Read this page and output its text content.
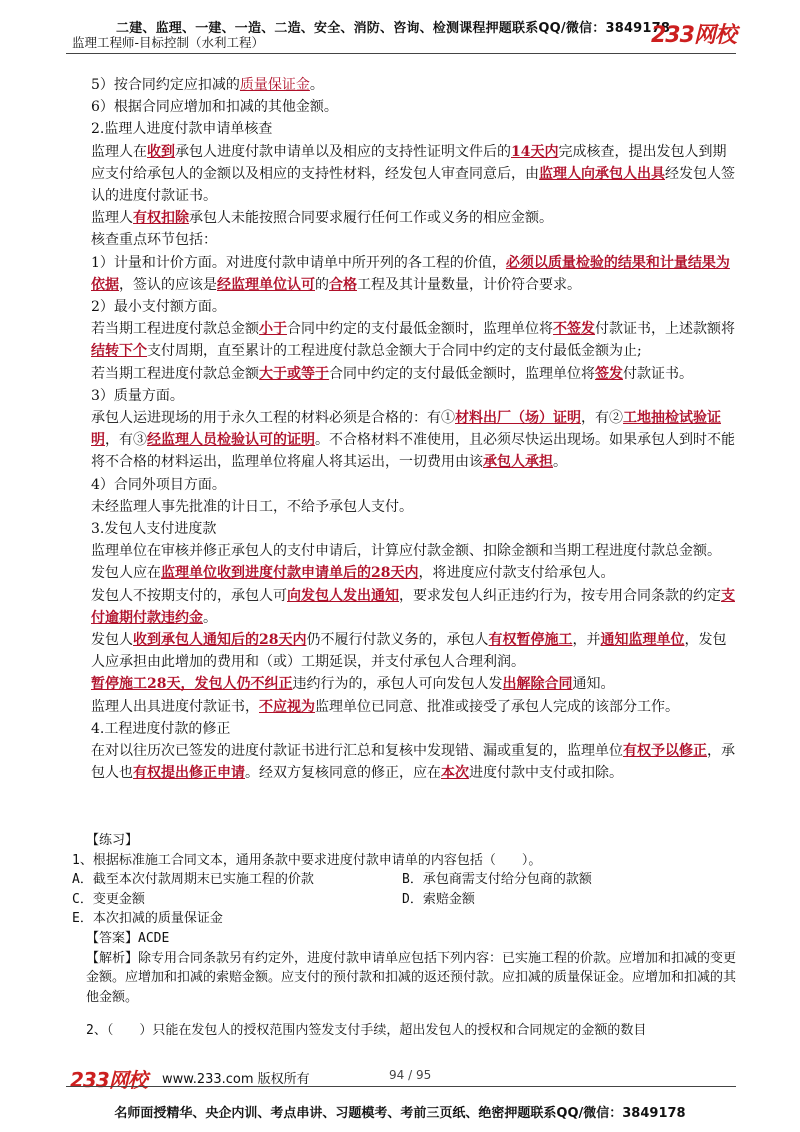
二建、监理、一建、一造、二造、安全、消防、咨询、检测课程押题联系QQ/微信：3849178
监理工程师-目标控制（水利工程）	233网校

5）按合同约定应扣减的质量保证金。

6）根据合同应增加和扣减的其他金额。

2.监理人进度付款申请单核查

监理人在收到承包人进度付款申请单以及相应的支持性证明文件后的14天内完成核查，提出发包人到期应支付给承包人的金额以及相应的支持性材料，经发包人审查同意后，由监理人向承包人出具经发包人签认的进度付款证书。

监理人有权扣除承包人未能按照合同要求履行任何工作或义务的相应金额。

核查重点环节包括：

1）计量和计价方面。对进度付款申请单中所开列的各工程的价值，必须以质量检验的结果和计量结果为依据，签认的应该是经监理单位认可的合格工程及其计量数量，计价符合要求。

2）最小支付额方面。

若当期工程进度付款总金额小于合同中约定的支付最低金额时，监理单位将不签发付款证书，上述款额将结转下个支付周期，直至累计的工程进度付款总金额大于合同中约定的支付最低金额为止;

若当期工程进度付款总金额大于或等于合同中约定的支付最低金额时，监理单位将签发付款证书。

3）质量方面。

承包人运进现场的用于永久工程的材料必须是合格的：有①材料出厂（场）证明，有②工地抽检试验证明，有③经监理人员检验认可的证明。不合格材料不准使用，且必须尽快运出现场。如果承包人到时不能将不合格的材料运出，监理单位将雇人将其运出，一切费用由该承包人承担。

4）合同外项目方面。

未经监理人事先批准的计日工，不给予承包人支付。

3.发包人支付进度款

监理单位在审核并修正承包人的支付申请后，计算应付款金额、扣除金额和当期工程进度付款总金额。

发包人应在监理单位收到进度付款申请单后的28天内，将进度应付款支付给承包人。

发包人不按期支付的，承包人可向发包人发出通知，要求发包人纠正违约行为，按专用合同条款的约定支付逾期付款违约金。

发包人收到承包人通知后的28天内仍不履行付款义务的，承包人有权暂停施工，并通知监理单位，发包人应承担由此增加的费用和（或）工期延误，并支付承包人合理利润。

暂停施工28天，发包人仍不纠正违约行为的，承包人可向发包人发出解除合同通知。

监理人出具进度付款证书，不应视为监理单位已同意、批准或接受了承包人完成的该部分工作。

4.工程进度付款的修正

在对以往历次已签发的进度付款证书进行汇总和复核中发现错、漏或重复的，监理单位有权予以修正，承包人也有权提出修正申请。经双方复核同意的修正，应在本次进度付款中支付或扣除。

【练习】

1、根据标准施工合同文本，通用条款中要求进度付款申请单的内容包括（　　）。

A．截至本次付款周期末已实施工程的价款	B．承包商需支付给分包商的款额
C．变更金额	D．索赔金额

E．本次扣减的质量保证金

【答案】ACDE

【解析】除专用合同条款另有约定外，进度付款申请单应包括下列内容：已实施工程的价款。应增加和扣减的变更金额。应增加和扣减的索赔金额。应支付的预付款和扣减的返还预付款。应扣减的质量保证金。应增加和扣减的其他金额。

2、（　　）只能在发包人的授权范围内签发支付手续，超出发包人的授权和合同规定的金额的数目

233网校 www.233.com 版权所有	94 / 95
名师面授精华、央企内训、考点串讲、习题模考、考前三页纸、绝密押题联系QQ/微信：3849178
